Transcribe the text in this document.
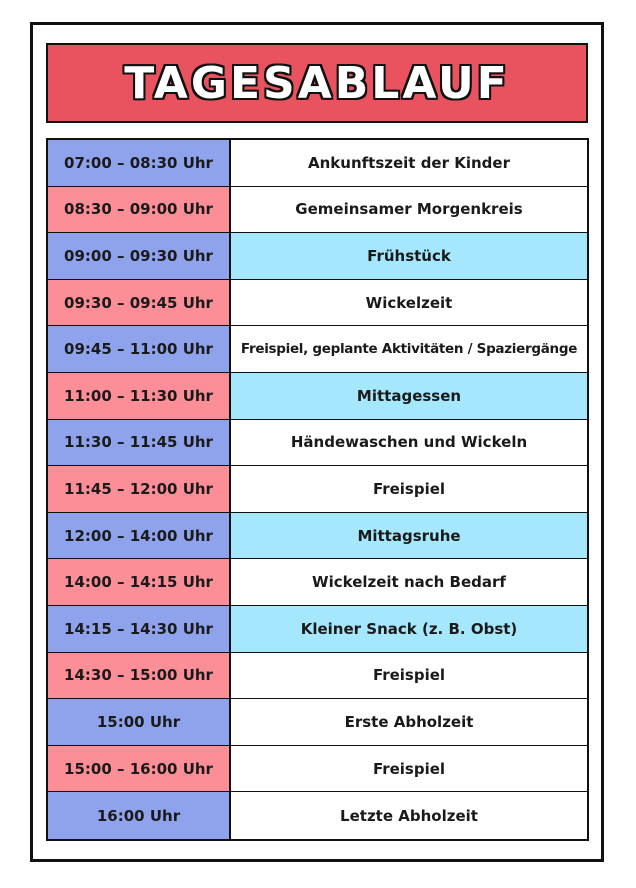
TAGESABLAUF
07:00 – 08:30 Uhr	Ankunftszeit der Kinder
08:30 – 09:00 Uhr	Gemeinsamer Morgenkreis
09:00 – 09:30 Uhr	Frühstück
09:30 – 09:45 Uhr	Wickelzeit
09:45 – 11:00 Uhr	Freispiel, geplante Aktivitäten / Spaziergänge
11:00 – 11:30 Uhr	Mittagessen
11:30 – 11:45 Uhr	Händewaschen und Wickeln
11:45 – 12:00 Uhr	Freispiel
12:00 – 14:00 Uhr	Mittagsruhe
14:00 – 14:15 Uhr	Wickelzeit nach Bedarf
14:15 – 14:30 Uhr	Kleiner Snack (z. B. Obst)
14:30 – 15:00 Uhr	Freispiel
15:00 Uhr	Erste Abholzeit
15:00 – 16:00 Uhr	Freispiel
16:00 Uhr	Letzte Abholzeit
